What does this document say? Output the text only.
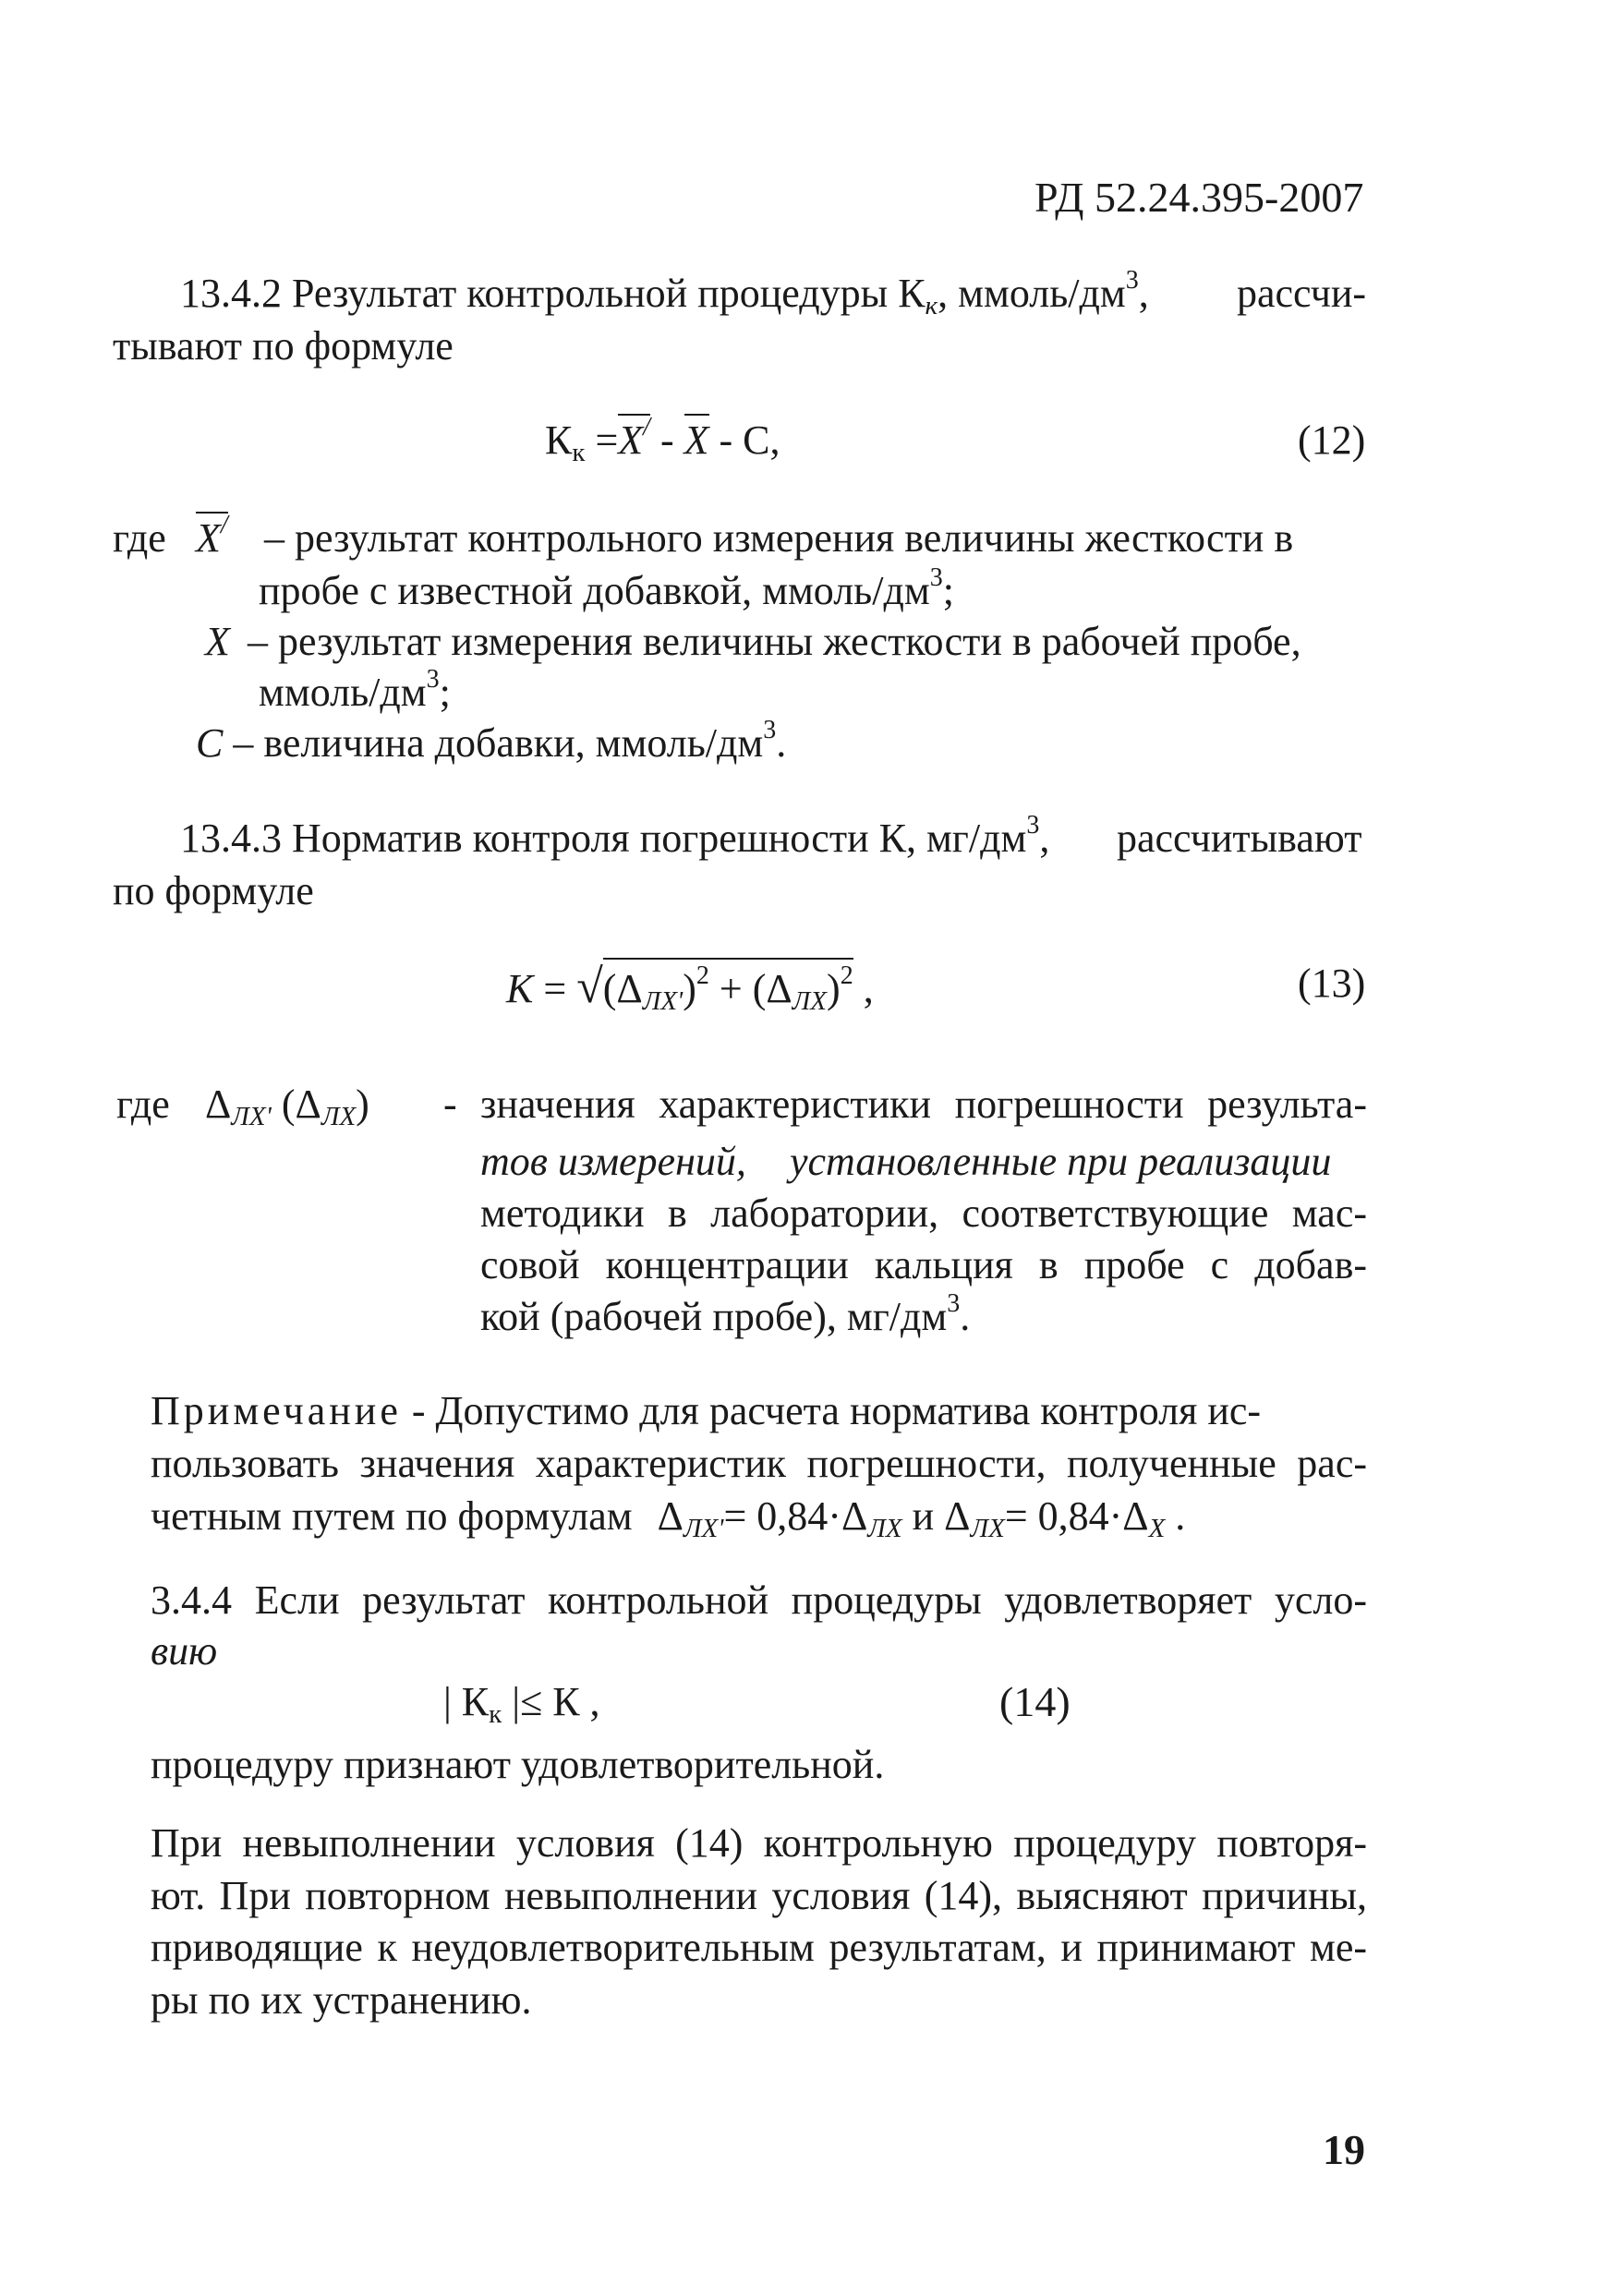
РД 52.24.395-2007
13.4.2 Результат контрольной процедуры $К_к$, ммоль/$дм^3$, рассчи-
тывают по формуле
$К_к =X^/ - X - С$,	(12)
где X/ – результат контрольного измерения величины жесткости в
пробе с известной добавкой, ммоль/$дм^3$;
X – результат измерения величины жесткости в рабочей пробе,
ммоль/$дм^3$;
C – величина добавки, ммоль/$дм^3$.
13.4.3 Норматив контроля погрешности К, $мг/дм^3$, рассчитывают
по формуле
$K = √(\Delta_{ЛХ'})^2 + (\Delta_{ЛХ})^2$ ,	(13)
где $\Delta_{ЛХ'}$ $(\Delta_{ЛХ})$ - значения характеристики погрешности результа-
тов измерений, установленные при реализации
методики в лаборатории, соответствующие мас-
совой концентрации кальция в пробе с добав-
кой (рабочей пробе), $мг/дм^3$.
Примечание - Допустимо для расчета норматива контроля ис-
пользовать значения характеристик погрешности, полученные рас-
четным путем по формулам $\Delta_{ЛХ'}= 0,84\cdot\Delta_{ЛХ}$ и $\Delta_{ЛХ}= 0,84\cdot\Delta_X$ .
3.4.4 Если результат контрольной процедуры удовлетворяет усло-
вию
| $К_к$ |≤ К ,	(14)
процедуру признают удовлетворительной.
При невыполнении условия (14) контрольную процедуру повторя-
ют. При повторном невыполнении условия (14), выясняют причины,
приводящие к неудовлетворительным результатам, и принимают ме-
ры по их устранению.
19
